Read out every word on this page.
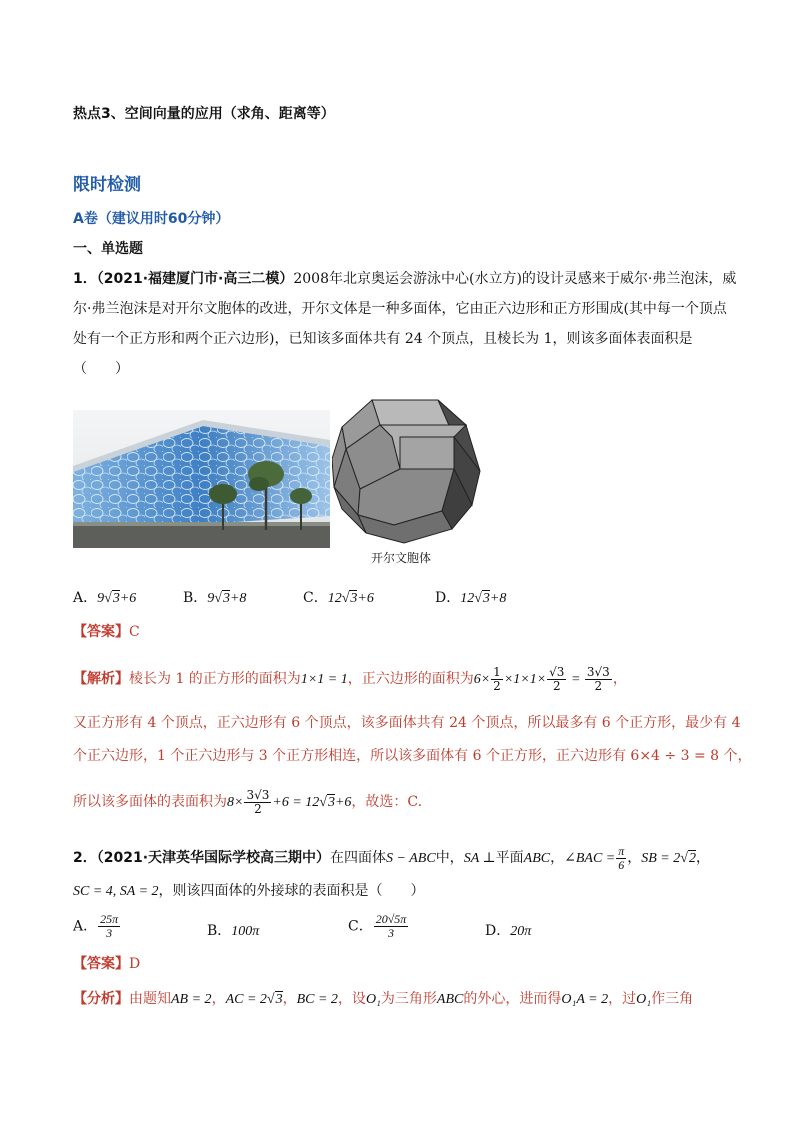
热点3、空间向量的应用（求角、距离等）
限时检测
A卷（建议用时60分钟）
一、单选题
1．（2021·福建厦门市·高三二模）2008年北京奥运会游泳中心(水立方)的设计灵感来于威尔·弗兰泡沫，威
尔·弗兰泡沫是对开尔文胞体的改进，开尔文体是一种多面体，它由正六边形和正方形围成(其中每一个顶点
处有一个正方形和两个正六边形)，已知该多面体共有 24 个顶点，且棱长为 1，则该多面体表面积是
（　　）
开尔文胞体
A．9√3+6	B．9√3+8	C．12√3+6	D．12√3+8
【答案】C
【解析】棱长为 1 的正方形的面积为1×1 = 1，正六边形的面积为$6\times \frac{1}{2} \times 1\times 1\times \frac{√3}{2} = \frac{3√3}{2}$ ，
又正方形有 4 个顶点，正六边形有 6 个顶点，该多面体共有 24 个顶点，所以最多有 6 个正方形，最少有 4
个正六边形，1 个正六边形与 3 个正方形相连，所以该多面体有 6 个正方形，正六边形有 6×4 ÷ 3 = 8 个，
所以该多面体的表面积为$8\times \frac{3√3}{2} +6 = 12√3+6$，故选：C.
2．（2021·天津英华国际学校高三期中）在四面体S − ABC中，SA ⊥平面ABC，∠BAC = $\frac{\pi}{6}$ ，SB = 2√2，
SC = 4, SA = 2，则该四面体的外接球的表面积是（　　）
A． $\frac{25\pi}{3}$	B．100π	C． $\frac{20√5\pi}{3}$	D．20π
【答案】D
【分析】由题知AB = 2，AC = 2√3，BC = 2，设O₁为三角形ABC的外心，进而得O₁A = 2，过O₁作三角
